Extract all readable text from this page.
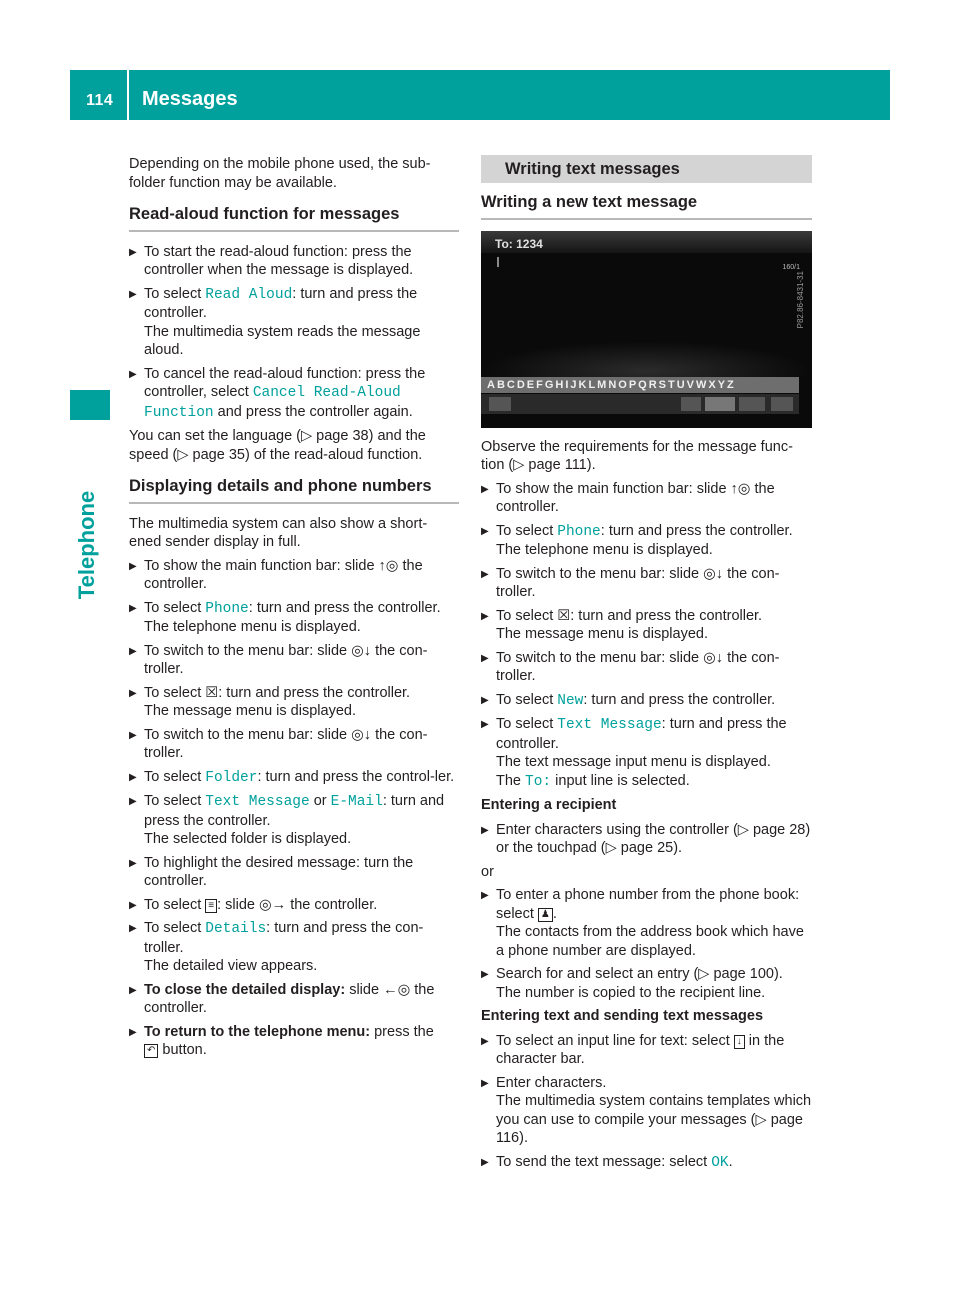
114 Messages
Telephone

Depending on the mobile phone used, the sub-folder function may be available.

Read-aloud function for messages
▶ To start the read-aloud function: press the controller when the message is displayed.
▶ To select Read Aloud: turn and press the controller.
The multimedia system reads the message aloud.
▶ To cancel the read-aloud function: press the controller, select Cancel Read-Aloud Function and press the controller again.

You can set the language (▷ page 38) and the speed (▷ page 35) of the read-aloud function.

Displaying details and phone numbers

The multimedia system can also show a short-ened sender display in full.

▶ To show the main function bar: slide ↑◎ the controller.
▶ To select Phone: turn and press the controller.
The telephone menu is displayed.
▶ To switch to the menu bar: slide ◎↓ the con-troller.
▶ To select ☒: turn and press the controller.
The message menu is displayed.
▶ To switch to the menu bar: slide ◎↓ the con-troller.
▶ To select Folder: turn and press the control-ler.
▶ To select Text Message or E-Mail: turn and press the controller.
The selected folder is displayed.
▶ To highlight the desired message: turn the controller.
▶ To select ≡ : slide ◎→ the controller.
▶ To select Details: turn and press the con-troller.
The detailed view appears.
▶ To close the detailed display: slide ←◎ the controller.
▶ To return to the telephone menu: press the
↶ button.
Writing text messages
Writing a new text message
To: 1234
160/1
ABCDEFGHIJKLMNOPQRSTUVWXYZ
P82.86-8431-31

Observe the requirements for the message func-tion (▷ page 111).

▶ To show the main function bar: slide ↑◎ the controller.
▶ To select Phone: turn and press the controller.
The telephone menu is displayed.
▶ To switch to the menu bar: slide ◎↓ the con-troller.
▶ To select ☒: turn and press the controller.
The message menu is displayed.
▶ To switch to the menu bar: slide ◎↓ the con-troller.
▶ To select New: turn and press the controller.
▶ To select Text Message: turn and press the controller.
The text message input menu is displayed.
The To: input line is selected.
Entering a recipient
▶ Enter characters using the controller (▷ page 28) or the touchpad (▷ page 25).

or

▶ To enter a phone number from the phone book: select ♟ .
The contacts from the address book which have a phone number are displayed.
▶ Search for and select an entry (▷ page 100).
The number is copied to the recipient line.
Entering text and sending text messages
▶ To select an input line for text: select ↓ in the character bar.
▶ Enter characters.
The multimedia system contains templates which you can use to compile your messages (▷ page 116).
▶ To send the text message: select OK.
